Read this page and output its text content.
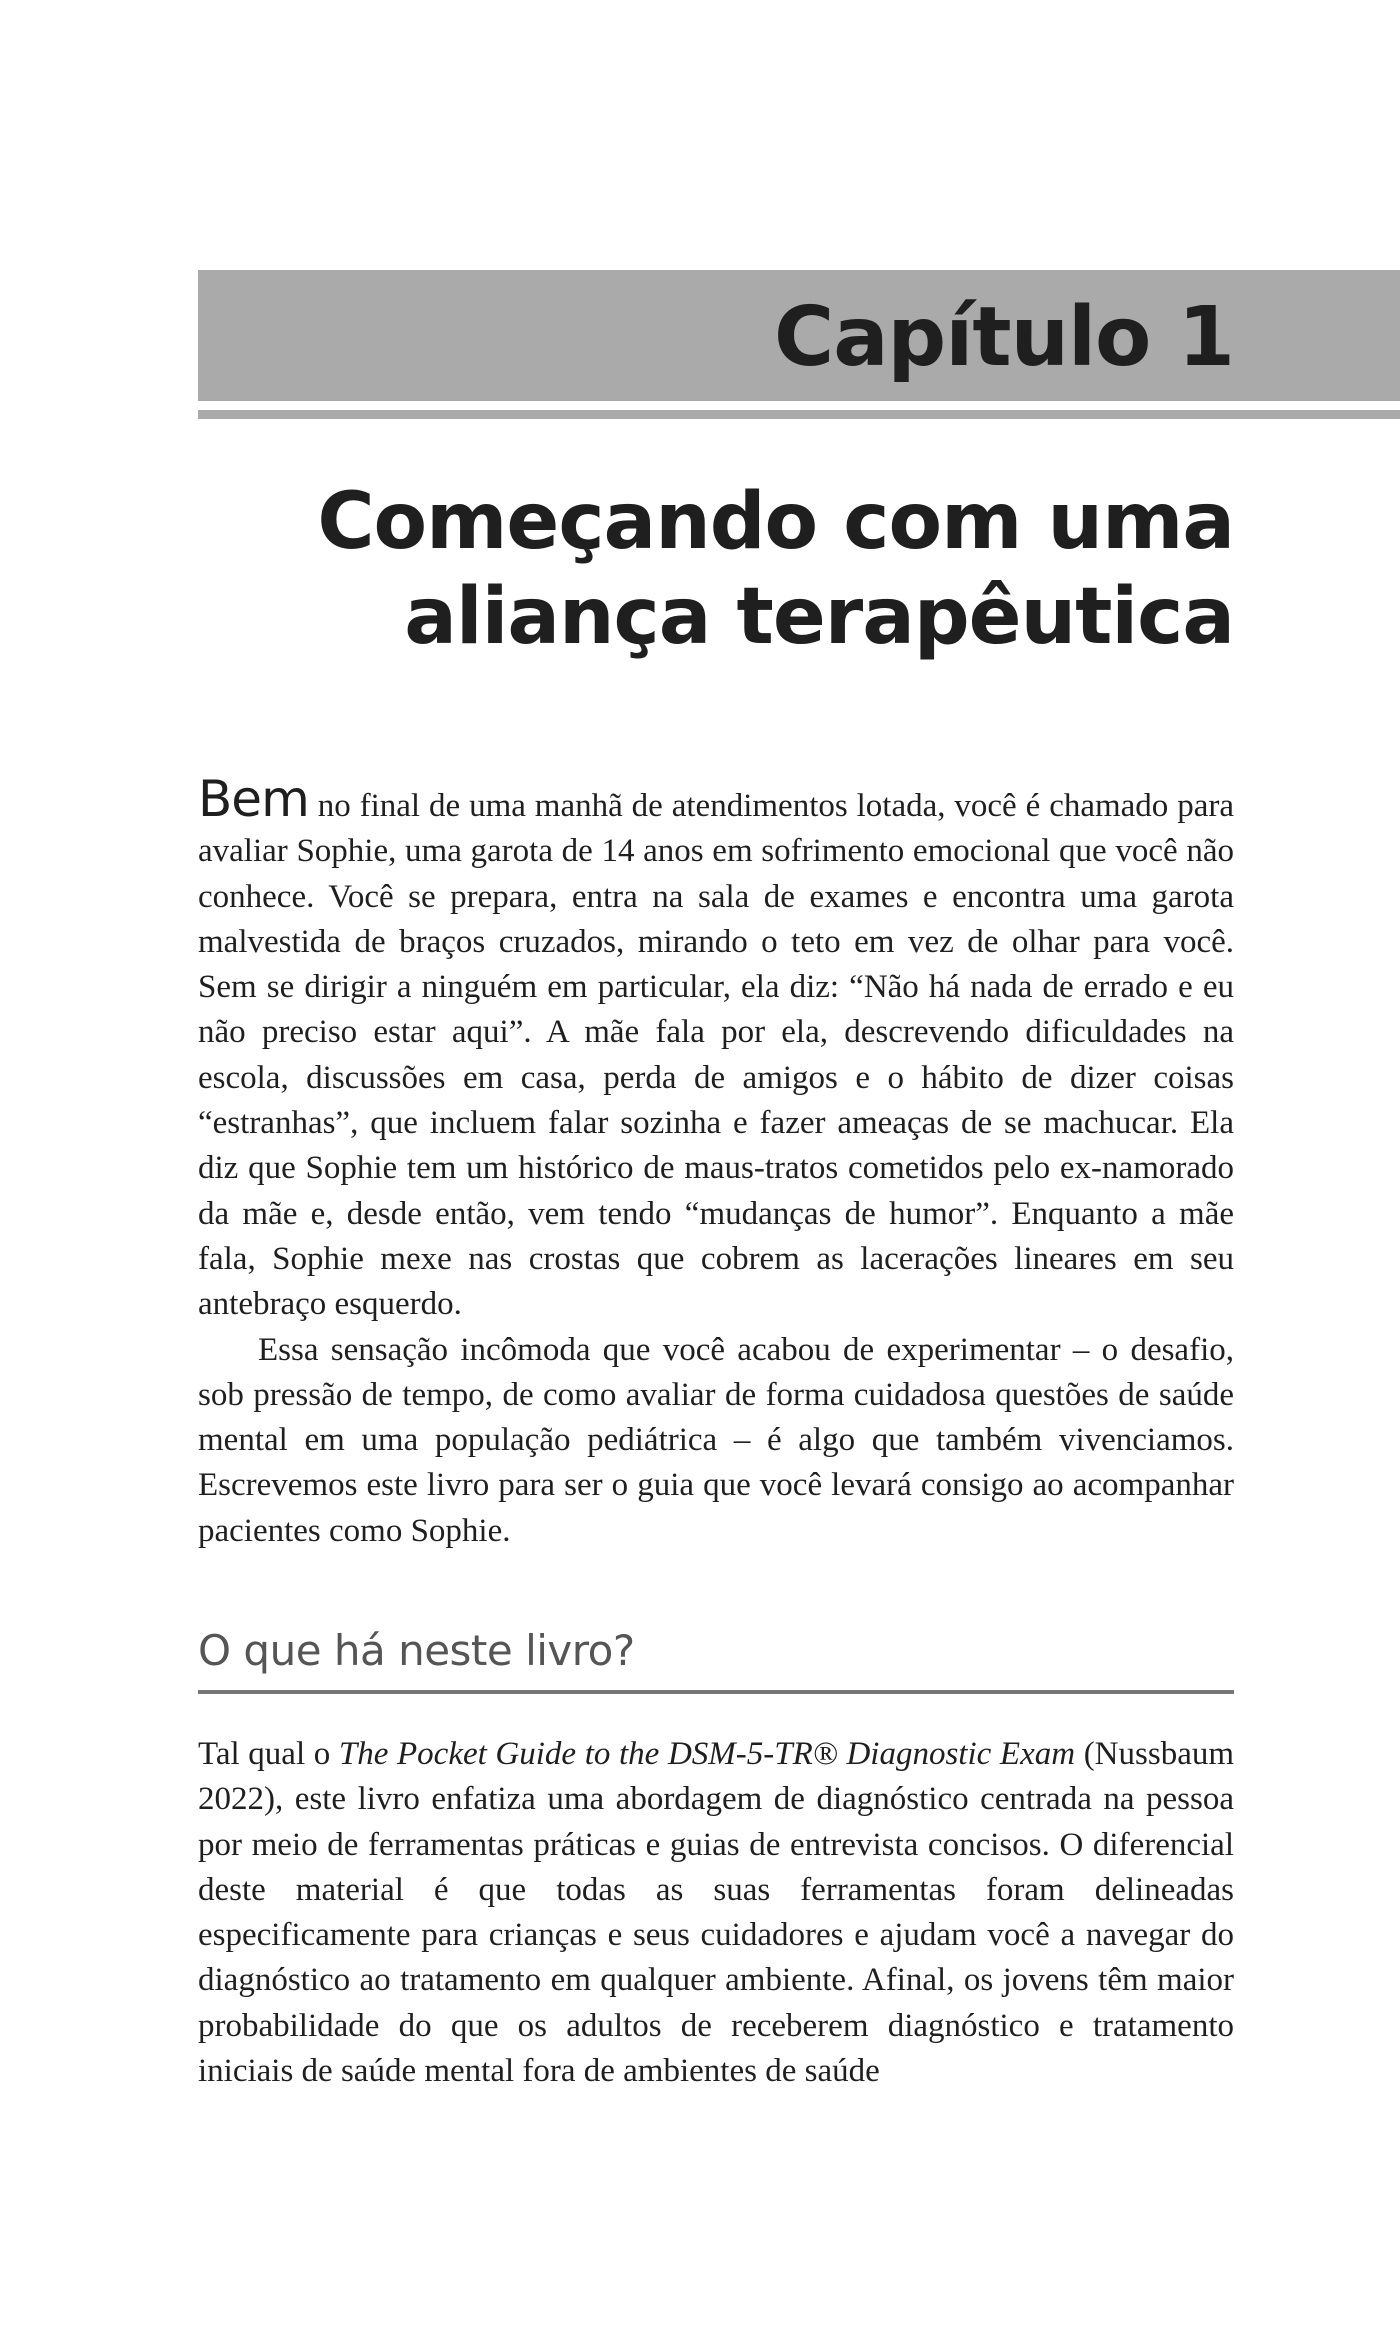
Capítulo 1
Começando com uma
aliança terapêutica

Bem no final de uma manhã de atendimentos lotada, você é chamado para avaliar Sophie, uma garota de 14 anos em sofrimento emocional que você não conhece. Você se prepara, entra na sala de exames e encontra uma garota malvestida de braços cruzados, mirando o teto em vez de olhar para você. Sem se dirigir a ninguém em particular, ela diz: “Não há nada de errado e eu não preciso estar aqui”. A mãe fala por ela, descrevendo dificuldades na escola, discussões em casa, perda de amigos e o hábito de dizer coisas “estranhas”, que incluem falar sozinha e fazer ameaças de se machucar. Ela diz que Sophie tem um histórico de maus-tratos cometidos pelo ex-namorado da mãe e, desde então, vem tendo “mudanças de humor”. Enquanto a mãe fala, Sophie mexe nas crostas que cobrem as lacerações lineares em seu antebraço esquerdo.

Essa sensação incômoda que você acabou de experimentar – o desafio, sob pressão de tempo, de como avaliar de forma cuidadosa questões de saúde mental em uma população pediátrica – é algo que também vivenciamos. Escrevemos este livro para ser o guia que você levará consigo ao acompanhar pacientes como Sophie.

O que há neste livro?

Tal qual o The Pocket Guide to the DSM-5-TR® Diagnostic Exam (Nussbaum 2022), este livro enfatiza uma abordagem de diagnóstico centrada na pessoa por meio de ferramentas práticas e guias de entrevista concisos. O diferencial deste material é que todas as suas ferramentas foram delineadas especificamente para crianças e seus cuidadores e ajudam você a navegar do diagnóstico ao tratamento em qualquer ambiente. Afinal, os jovens têm maior probabilidade do que os adultos de receberem diagnóstico e tratamento iniciais de saúde mental fora de ambientes de saúde
